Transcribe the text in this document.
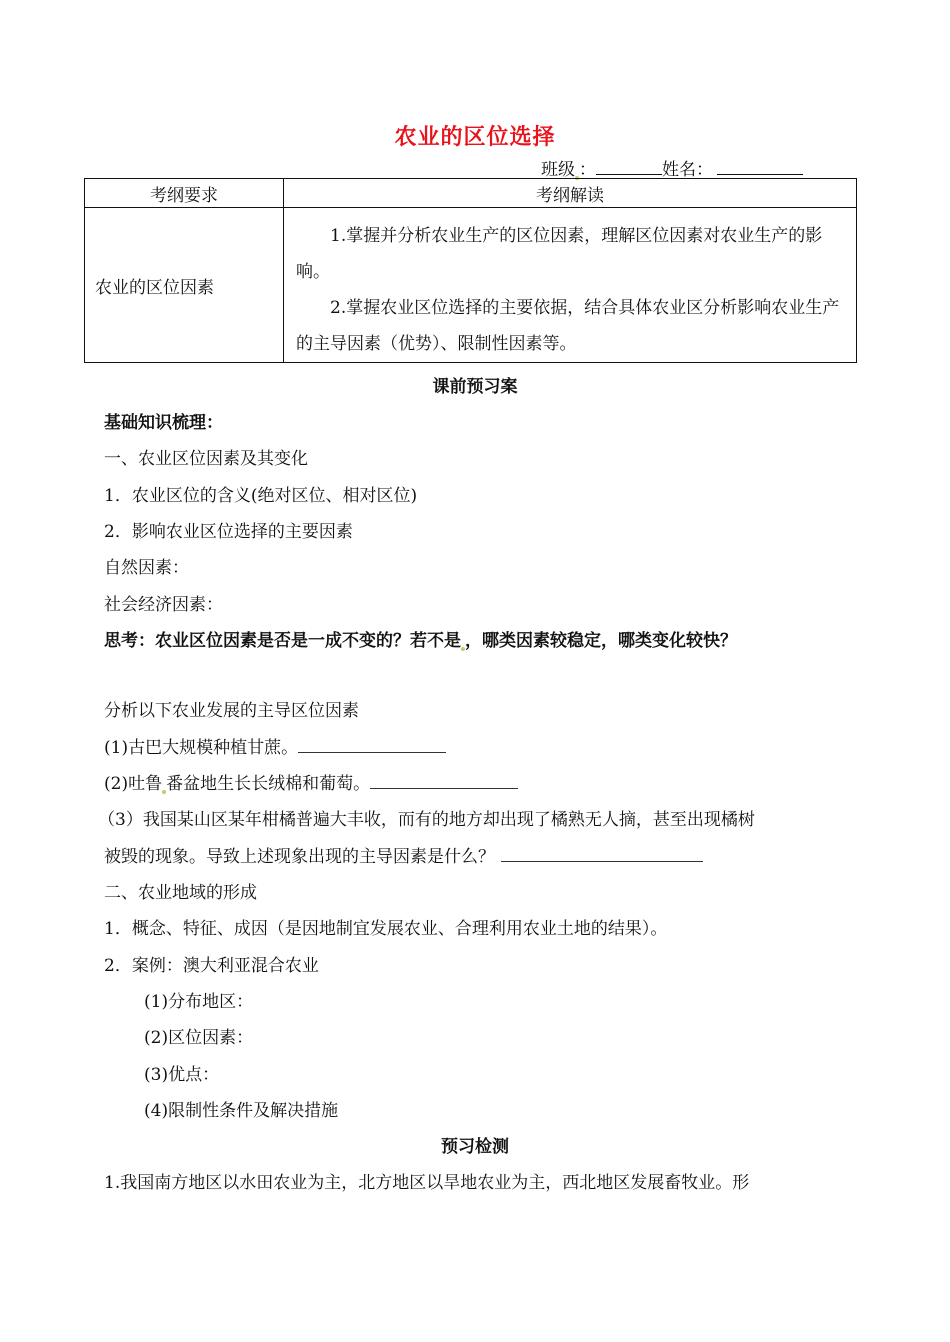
农业的区位选择
班级 ：	姓名：
考纲要求	考纲解读
农业的区位因素	1.掌握并分析农业生产的区位因素，理解区位因素对农业生产的影响。

2.掌握农业区位选择的主要依据，结合具体农业区分析影响农业生产的主导因素（优势）、限制性因素等。

课前预习案
基础知识梳理：
一、农业区位因素及其变化
1．农业区位的含义(绝对区位、相对区位)
2．影响农业区位选择的主要因素
自然因素：
社会经济因素：
思考：农业区位因素是否是一成不变的？若不是 ，哪类因素较稳定，哪类变化较快？
分析以下农业发展的主导区位因素
(1)古巴大规模种植甘蔗。
(2)吐鲁 番盆地生长长绒棉和葡萄。
（3）我国某山区某年柑橘普遍大丰收，而有的地方却出现了橘熟无人摘，甚至出现橘树
被毁的现象。导致上述现象出现的主导因素是什么？
二、农业地域的形成
1．概念、特征、成因（是因地制宜发展农业、合理利用农业土地的结果）。
2．案例：澳大利亚混合农业
(1)分布地区：
(2)区位因素：
(3)优点：
(4)限制性条件及解决措施
预习检测
1.我国南方地区以水田农业为主，北方地区以旱地农业为主，西北地区发展畜牧业。形
